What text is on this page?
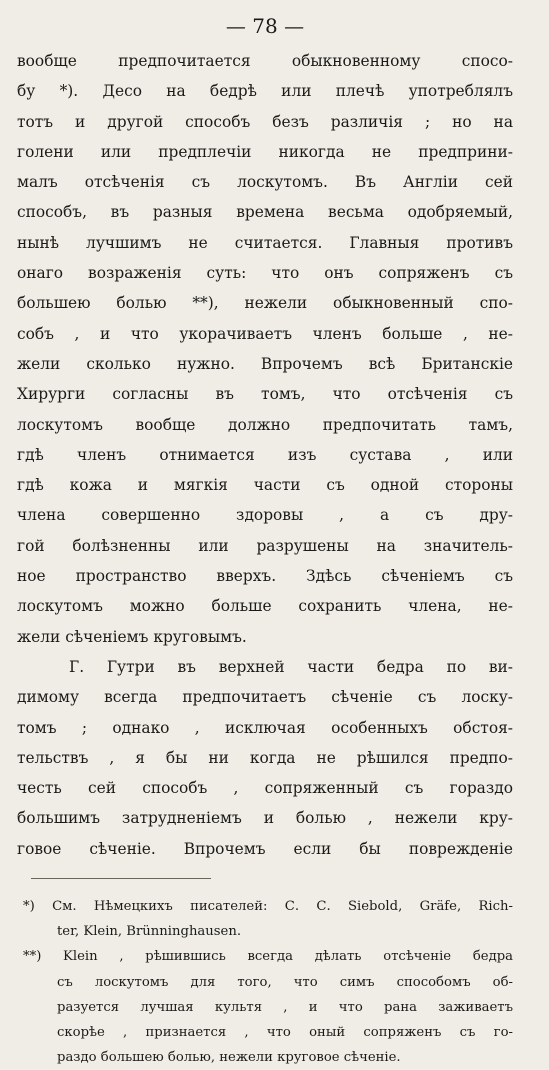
— 78 —
вообще предпочитается обыкновенному спосо-
бу *). Десо на бедрѣ или плечѣ употреблялъ
тотъ и другой способъ безъ различія ; но на
голени или предплечіи никогда не предприни-
малъ отсѣченія съ лоскутомъ. Въ Англіи сей
способъ, въ разныя времена весьма одобряемый,
нынѣ лучшимъ не считается. Главныя противъ
онаго возраженія суть: что онъ сопряженъ съ
большею болью **), нежели обыкновенный спо-
собъ , и что укорачиваетъ членъ больше , не-
жели сколько нужно. Впрочемъ всѣ Британскіе
Хирурги согласны въ томъ, что отсѣченія съ
лоскутомъ вообще должно предпочитать тамъ,
гдѣ членъ отнимается изъ сустава , или
гдѣ кожа и мягкія части съ одной стороны
члена совершенно здоровы , а съ дру-
гой болѣзненны или разрушены на значитель-
ное пространство вверхъ. Здѣсь сѣченіемъ съ
лоскутомъ можно больше сохранить члена, не-
жели сѣченіемъ круговымъ.
Г. Гутри въ верхней части бедра по ви-
димому всегда предпочитаетъ сѣченіе съ лоску-
томъ ; однако , исключая особенныхъ обстоя-
тельствъ , я бы ни когда не рѣшился предпо-
честь сей способъ , сопряженный съ гораздо
большимъ затрудненіемъ и болью , нежели кру-
говое сѣченіе. Впрочемъ если бы поврежденіе
*) См. Нѣмецкихъ писателей: С. С. Siebold, Gräfe, Rich-
ter, Klein, Brünninghausen.
**) Klein , рѣшившись всегда дѣлать отсѣченіе бедра
съ лоскутомъ для того, что симъ способомъ об-
разуется лучшая культя , и что рана заживаетъ
скорѣе , признается , что оный сопряженъ съ го-
раздо большею болью, нежели круговое сѣченіе.
